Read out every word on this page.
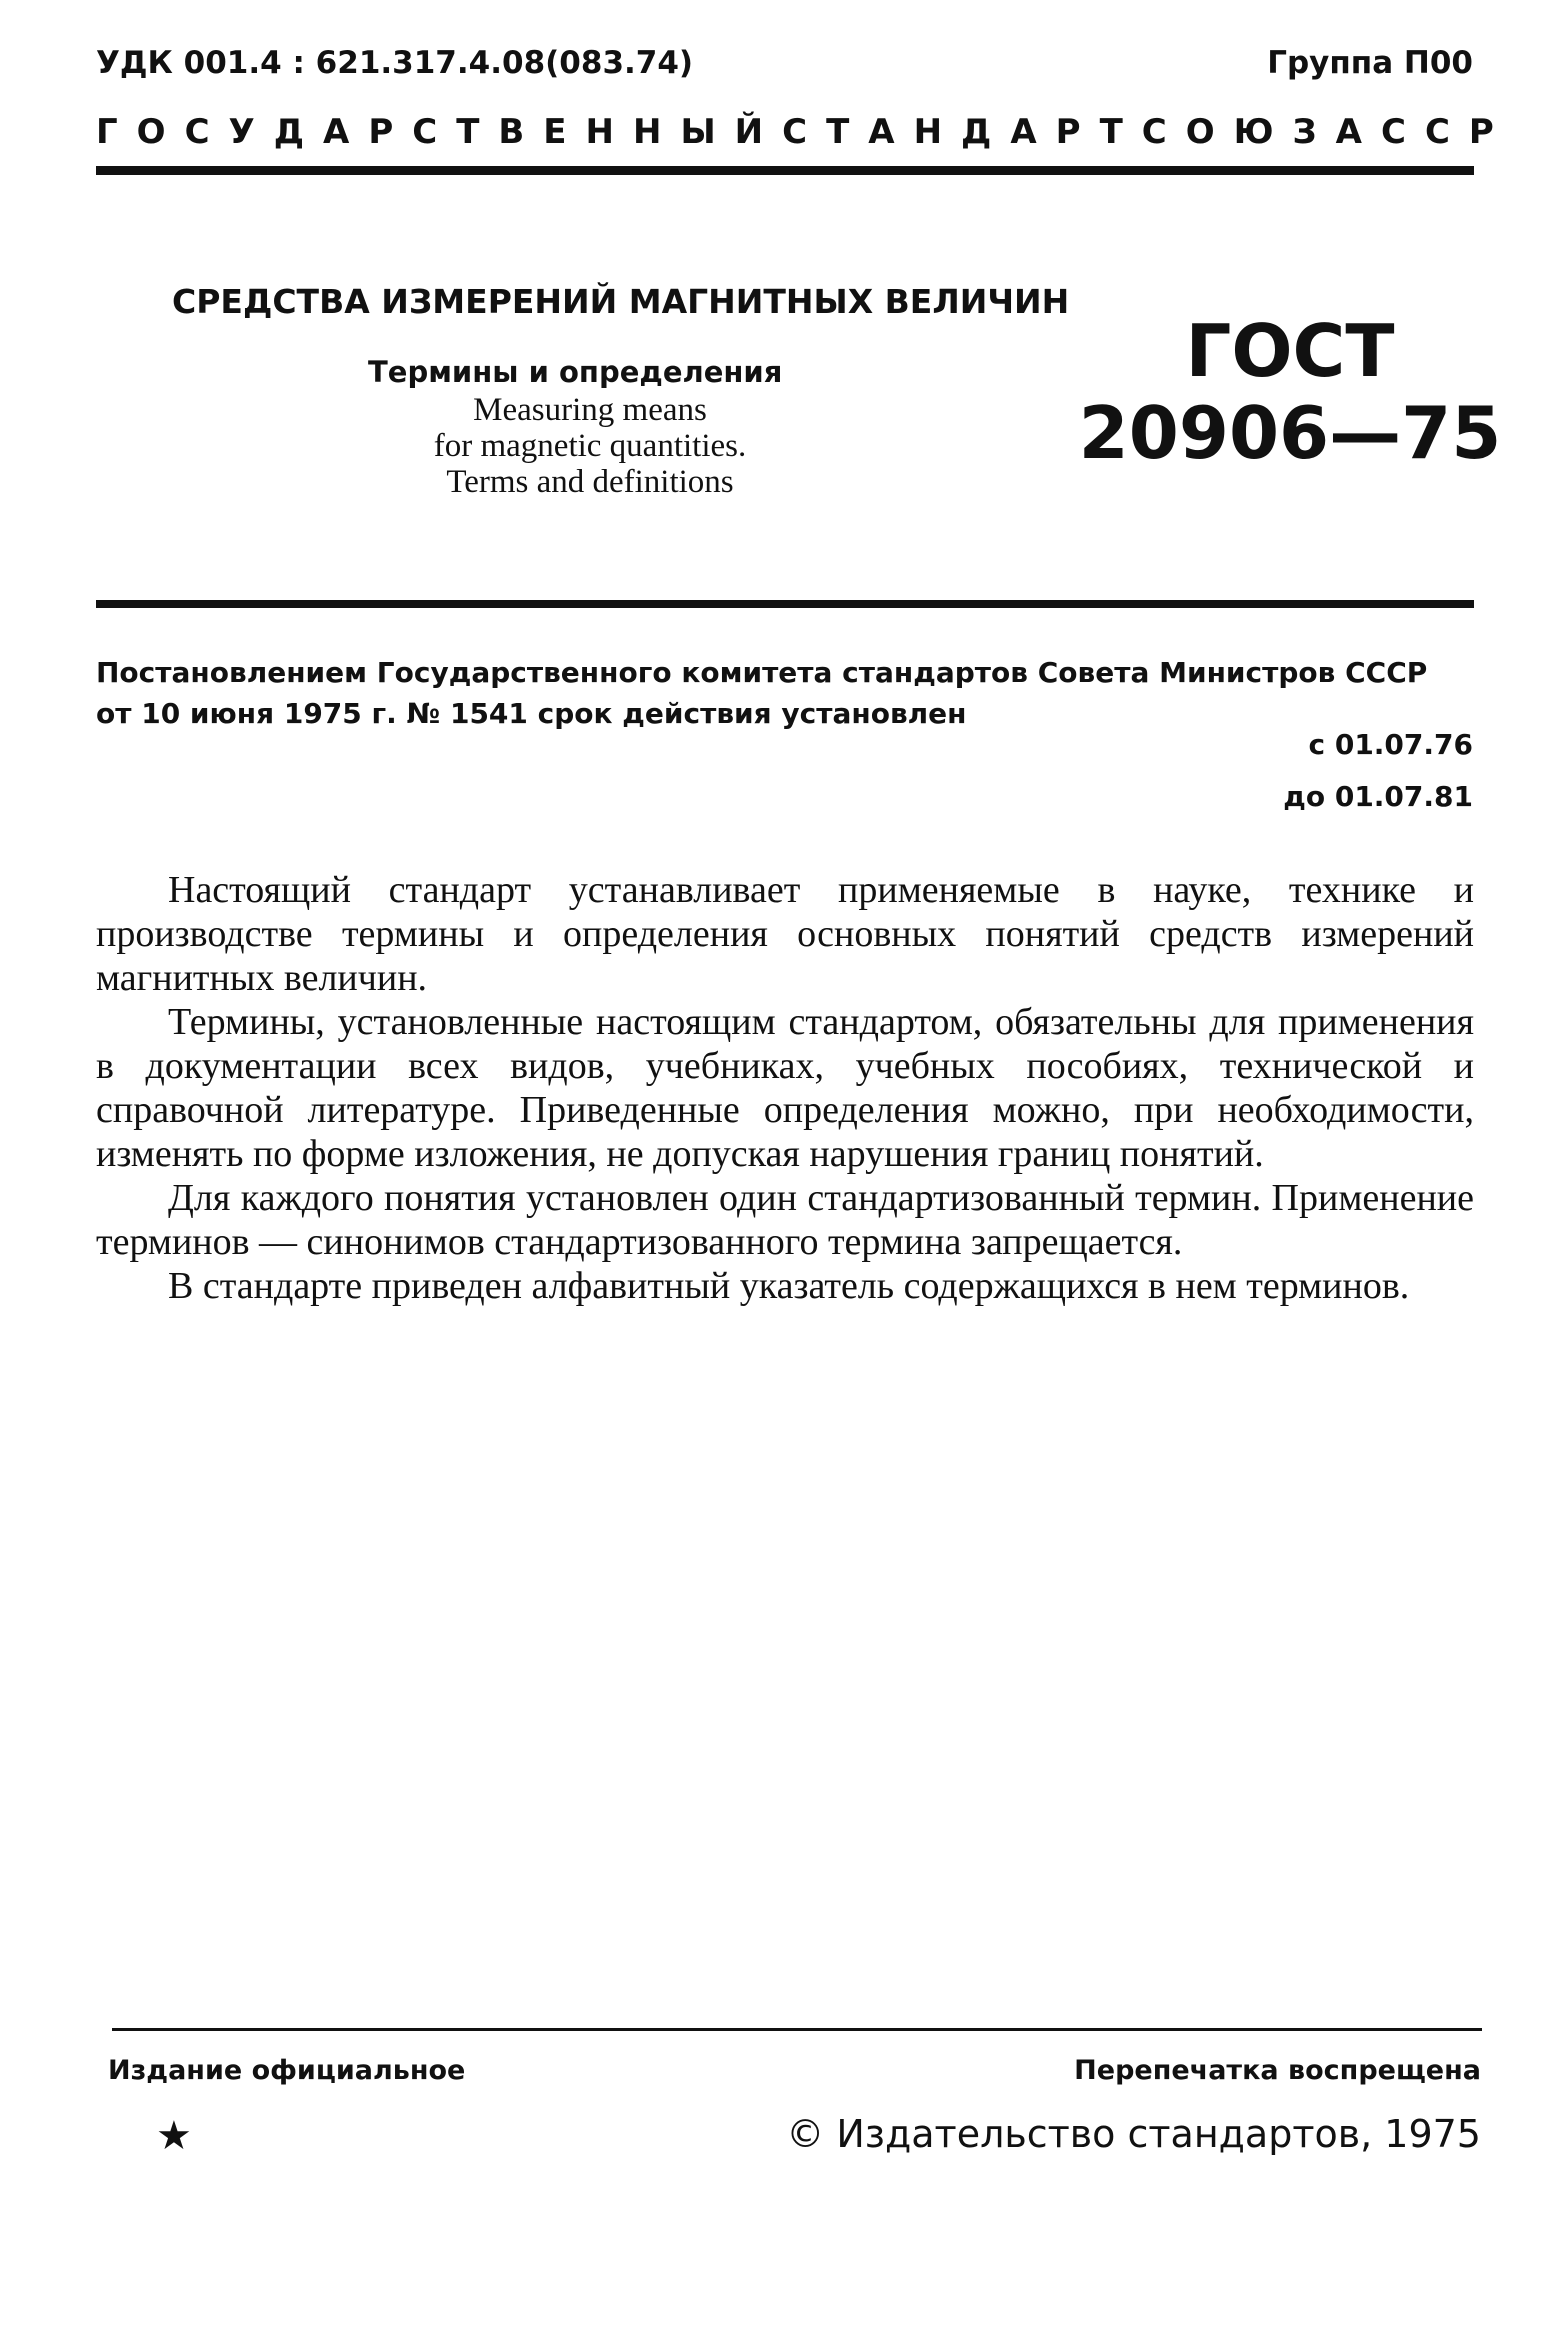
УДК 001.4 : 621.317.4.08(083.74)	Группа П00
ГОСУДАРСТВЕННЫЙ СТАНДАРТ СОЮЗА ССР
СРЕДСТВА ИЗМЕРЕНИЙ МАГНИТНЫХ ВЕЛИЧИН
Термины и определения
Measuring means
for magnetic quantities.
Terms and definitions
ГОСТ
20906—75
Постановлением Государственного комитета стандартов Совета Министров СССР
от 10 июня 1975 г. № 1541 срок действия установлен
с 01.07.76
до 01.07.81

Настоящий стандарт устанавливает применяемые в науке, технике и производстве термины и определения основных понятий средств измерений магнитных величин.

Термины, установленные настоящим стандартом, обязательны для применения в документации всех видов, учебниках, учебных пособиях, технической и справочной литературе. Приведенные определения можно, при необходимости, изменять по форме изложения, не допуская нарушения границ понятий.

Для каждого понятия установлен один стандартизованный термин. Применение терминов — синонимов стандартизованного термина запрещается.

В стандарте приведен алфавитный указатель содержащихся в нем терминов.

Издание официальное	Перепечатка воспрещена
★	© Издательство стандартов, 1975
